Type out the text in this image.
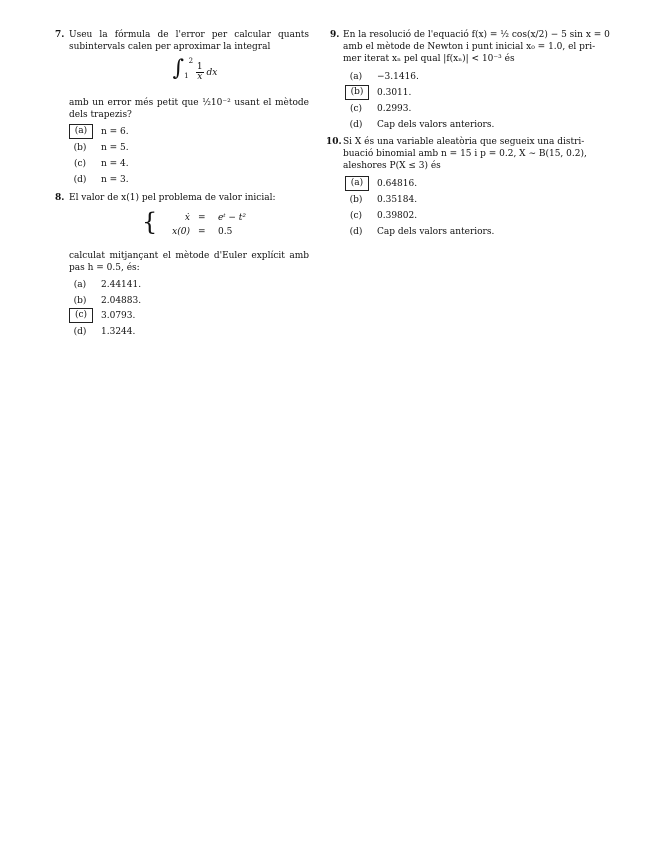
7. Useu la fórmula de l'error per calcular quants subintervals calen per aproximar la integral
$\int_1^2$
$\frac{1}{x}$ dx
amb un error més petit que ½10⁻² usant el mètode dels trapezis?
(a)	n = 6.
(b)	n = 5.
(c)	n = 4.
(d)	n = 3.
8. El valor de x(1) pel problema de valor inicial:
{	ẋ = eᵗ − t²
x(0) = 0.5
calculat mitjançant el mètode d'Euler explícit amb pas h = 0.5, és:
(a)	2.44141.
(b)	2.04883.
(c)	3.0793.
(d)	1.3244.
9. En la resolució de l'equació f(x) = ½ cos(x/2) − 5 sin x = 0
amb el mètode de Newton i punt inicial x₀ = 1.0, el pri-
mer iterat xₙ pel qual |f(xₙ)| < 10⁻³ és
(a)	−3.1416.
(b)	0.3011.
(c)	0.2993.
(d)	Cap dels valors anteriors.
10. Si X és una variable aleatòria que segueix una distri-
buació binomial amb n = 15 i p = 0.2, X ∼ B(15, 0.2),
aleshores P(X ≤ 3) és
(a)	0.64816.
(b)	0.35184.
(c)	0.39802.
(d)	Cap dels valors anteriors.
